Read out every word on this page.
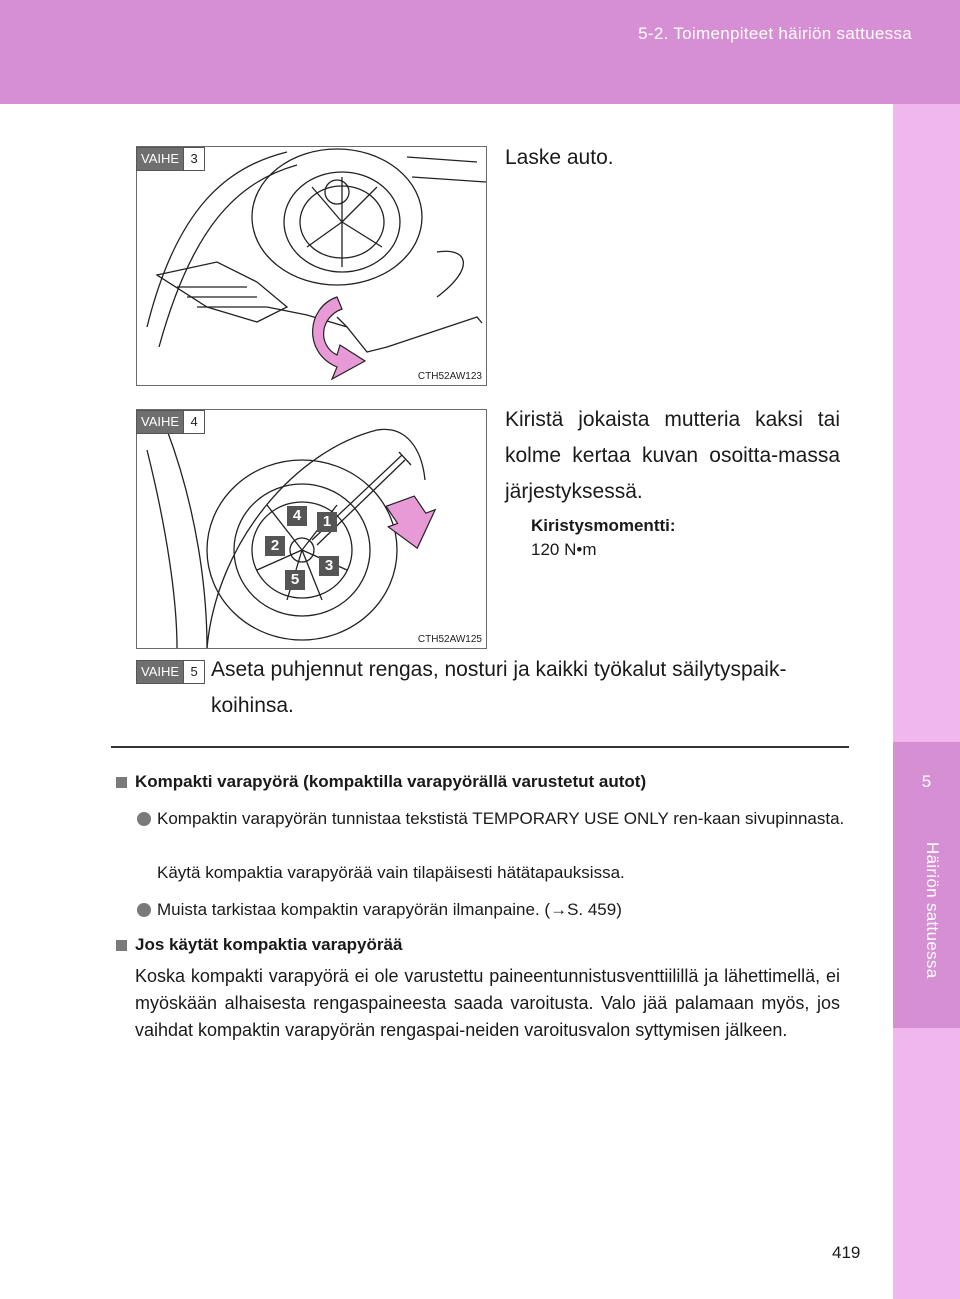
5-2. Toimenpiteet häiriön sattuessa
5
Häiriön sattuessa
CTH52AW123
VAIHE 3	Laske auto.
4	1
2
3
5
CTH52AW125
VAIHE 4	Kiristä jokaista mutteria kaksi tai kolme kertaa kuvan osoitta-massa järjestyksessä.
Kiristysmomentti:
120 N•m
VAIHE 5 Aseta puhjennut rengas, nosturi ja kaikki työkalut säilytyspaik-koihinsa.
Kompakti varapyörä (kompaktilla varapyörällä varustetut autot)
Kompaktin varapyörän tunnistaa tekstistä TEMPORARY USE ONLY ren-kaan sivupinnasta.
Käytä kompaktia varapyörää vain tilapäisesti hätätapauksissa.
Muista tarkistaa kompaktin varapyörän ilmanpaine. (→S. 459)
Jos käytät kompaktia varapyörää
Koska kompakti varapyörä ei ole varustettu paineentunnistusventtiilillä ja lähettimellä, ei myöskään alhaisesta rengaspaineesta saada varoitusta. Valo jää palamaan myös, jos vaihdat kompaktin varapyörän rengaspai-neiden varoitusvalon syttymisen jälkeen.
419
